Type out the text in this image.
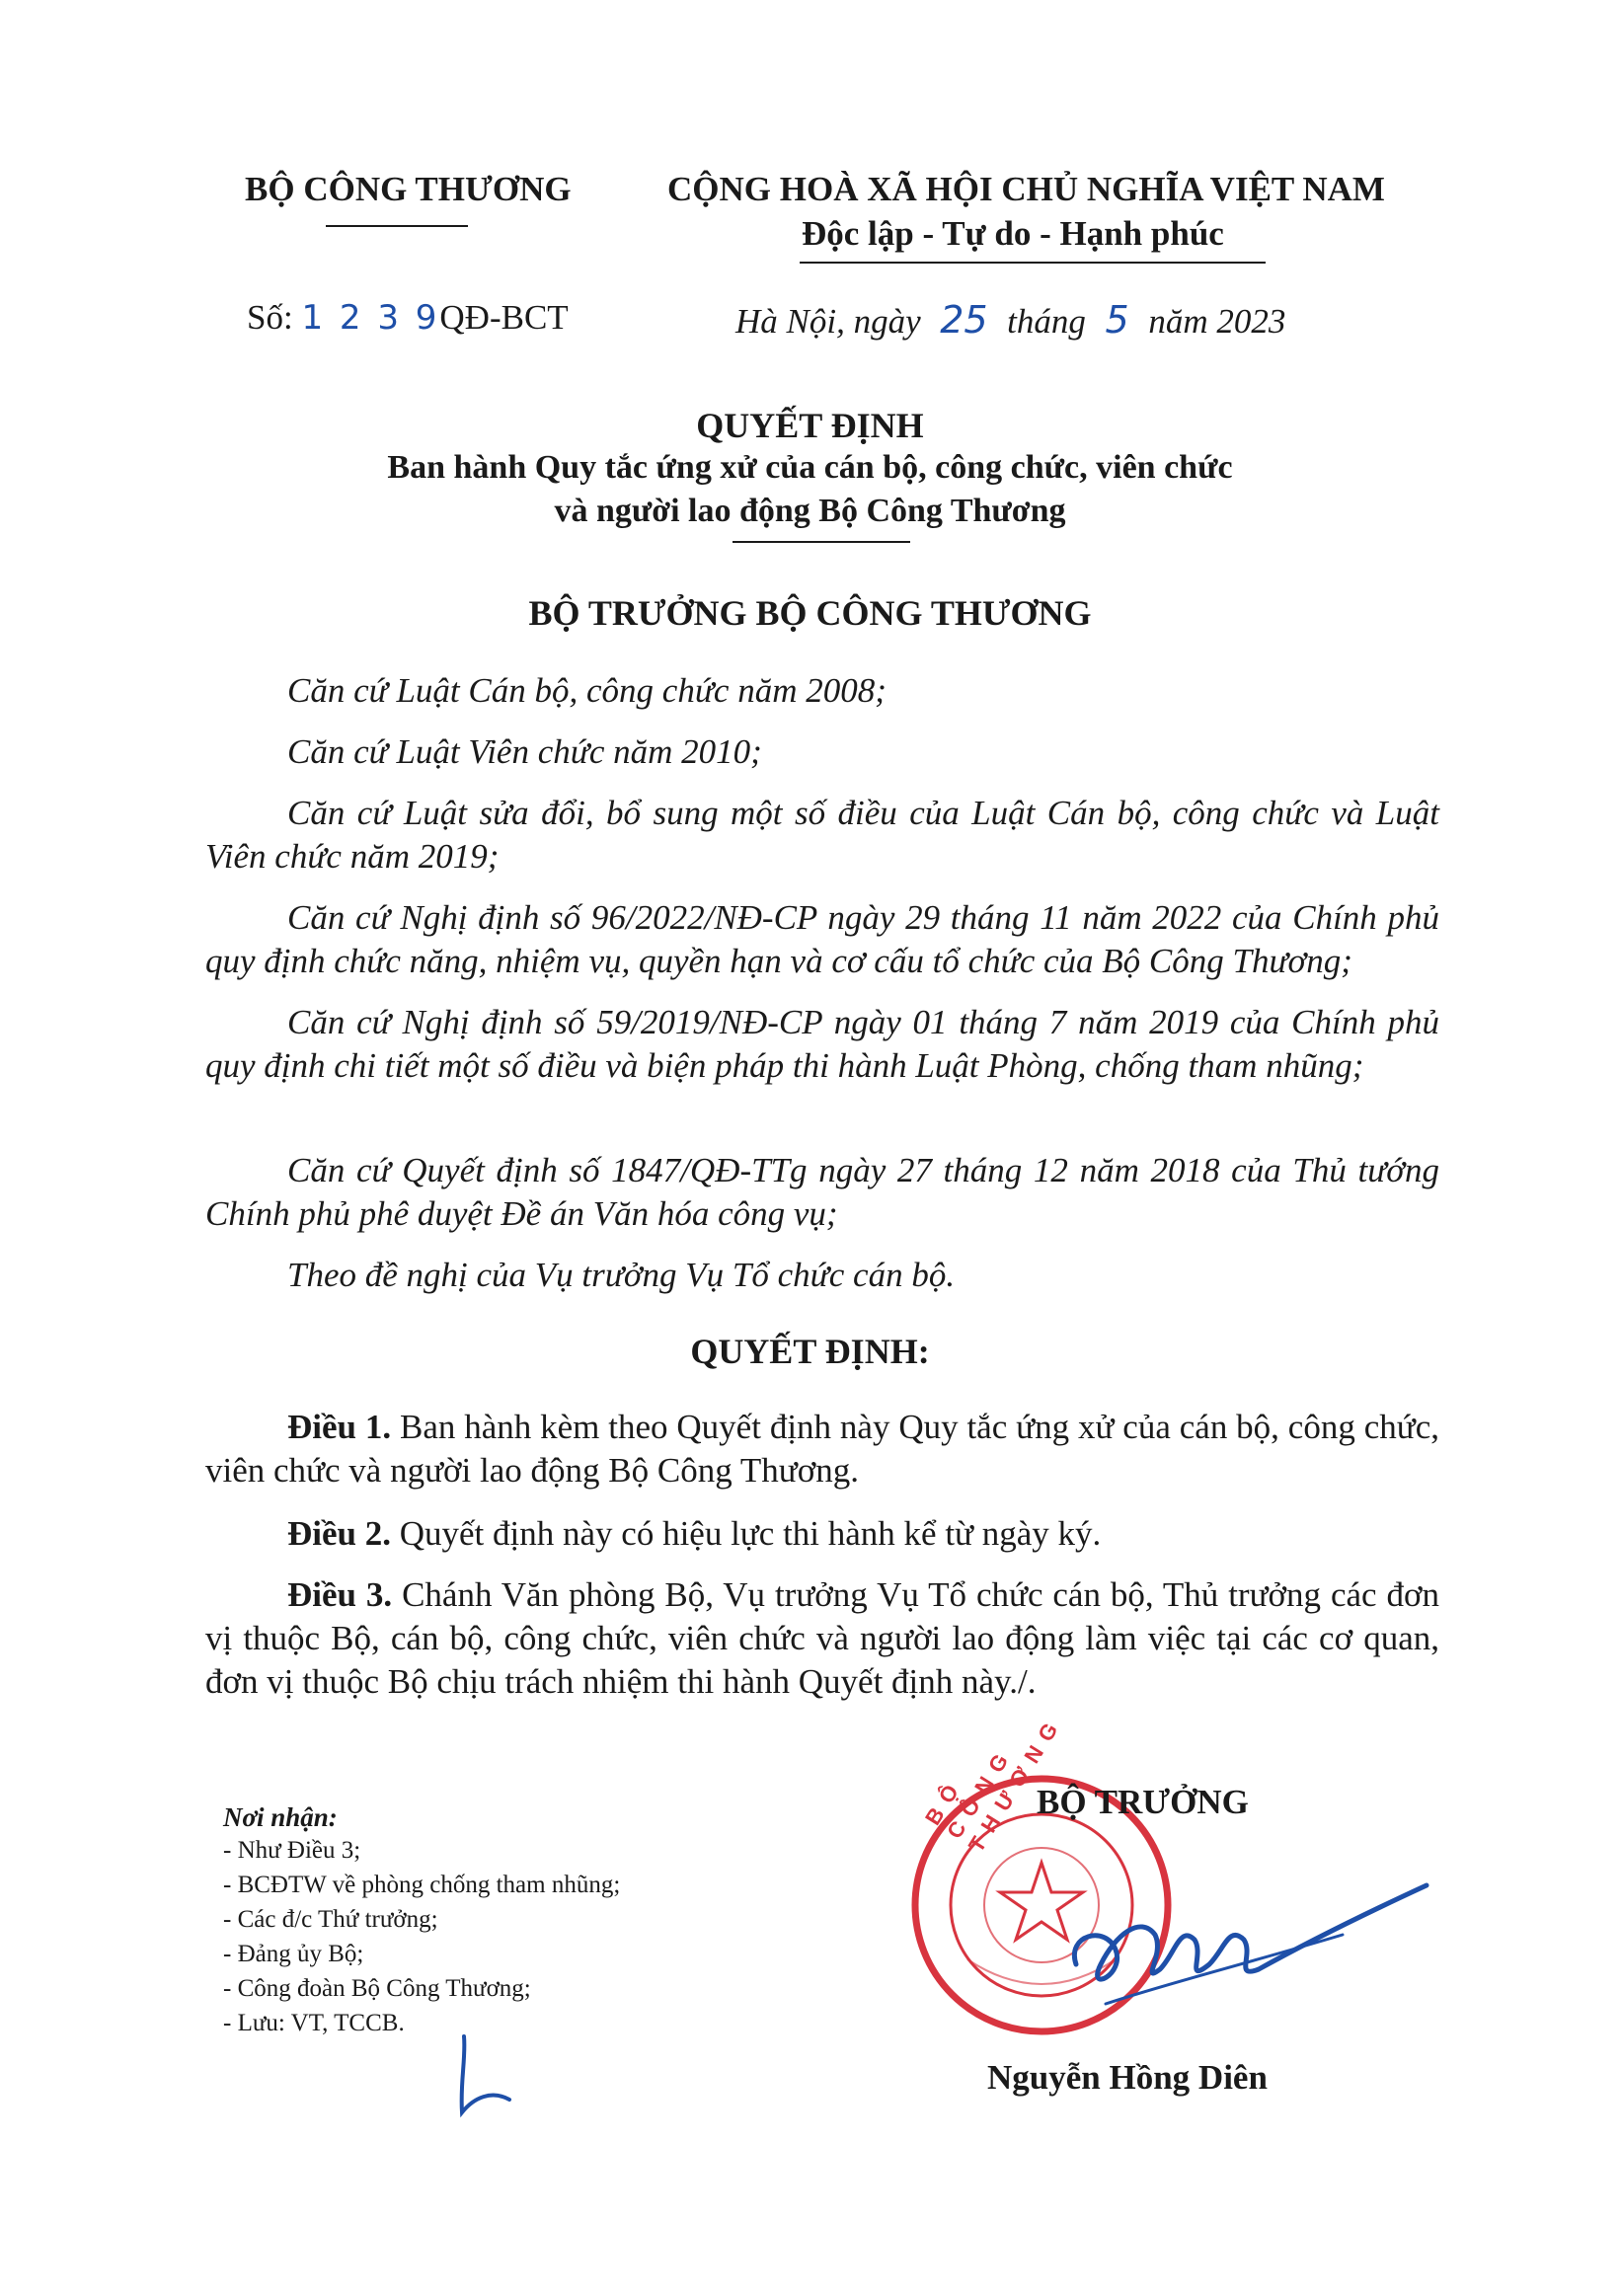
BỘ CÔNG THƯƠNG	CỘNG HOÀ XÃ HỘI CHỦ NGHĨA VIỆT NAM
Độc lập - Tự do - Hạnh phúc
Số: 1 2 3 9QĐ-BCT	Hà Nội, ngày 25 tháng 5 năm 2023
QUYẾT ĐỊNH
Ban hành Quy tắc ứng xử của cán bộ, công chức, viên chức
và người lao động Bộ Công Thương
BỘ TRƯỞNG BỘ CÔNG THƯƠNG
Căn cứ Luật Cán bộ, công chức năm 2008;
Căn cứ Luật Viên chức năm 2010;
Căn cứ Luật sửa đổi, bổ sung một số điều của Luật Cán bộ, công chức và Luật Viên chức năm 2019;
Căn cứ Nghị định số 96/2022/NĐ-CP ngày 29 tháng 11 năm 2022 của Chính phủ quy định chức năng, nhiệm vụ, quyền hạn và cơ cấu tổ chức của Bộ Công Thương;
Căn cứ Nghị định số 59/2019/NĐ-CP ngày 01 tháng 7 năm 2019 của Chính phủ quy định chi tiết một số điều và biện pháp thi hành Luật Phòng, chống tham nhũng;
Căn cứ Quyết định số 1847/QĐ-TTg ngày 27 tháng 12 năm 2018 của Thủ tướng Chính phủ phê duyệt Đề án Văn hóa công vụ;
Theo đề nghị của Vụ trưởng Vụ Tổ chức cán bộ.
QUYẾT ĐỊNH:
Điều 1. Ban hành kèm theo Quyết định này Quy tắc ứng xử của cán bộ, công chức, viên chức và người lao động Bộ Công Thương.
Điều 2. Quyết định này có hiệu lực thi hành kể từ ngày ký.
Điều 3. Chánh Văn phòng Bộ, Vụ trưởng Vụ Tổ chức cán bộ, Thủ trưởng các đơn vị thuộc Bộ, cán bộ, công chức, viên chức và người lao động làm việc tại các cơ quan, đơn vị thuộc Bộ chịu trách nhiệm thi hành Quyết định này./.
Nơi nhận:
- Như Điều 3;
- BCĐTW về phòng chống tham nhũng;
- Các đ/c Thứ trưởng;
- Đảng ủy Bộ;
- Công đoàn Bộ Công Thương;
- Lưu: VT, TCCB.
BỘ CÔNG THƯƠNG
BỘ TRƯỞNG
Nguyễn Hồng Diên
